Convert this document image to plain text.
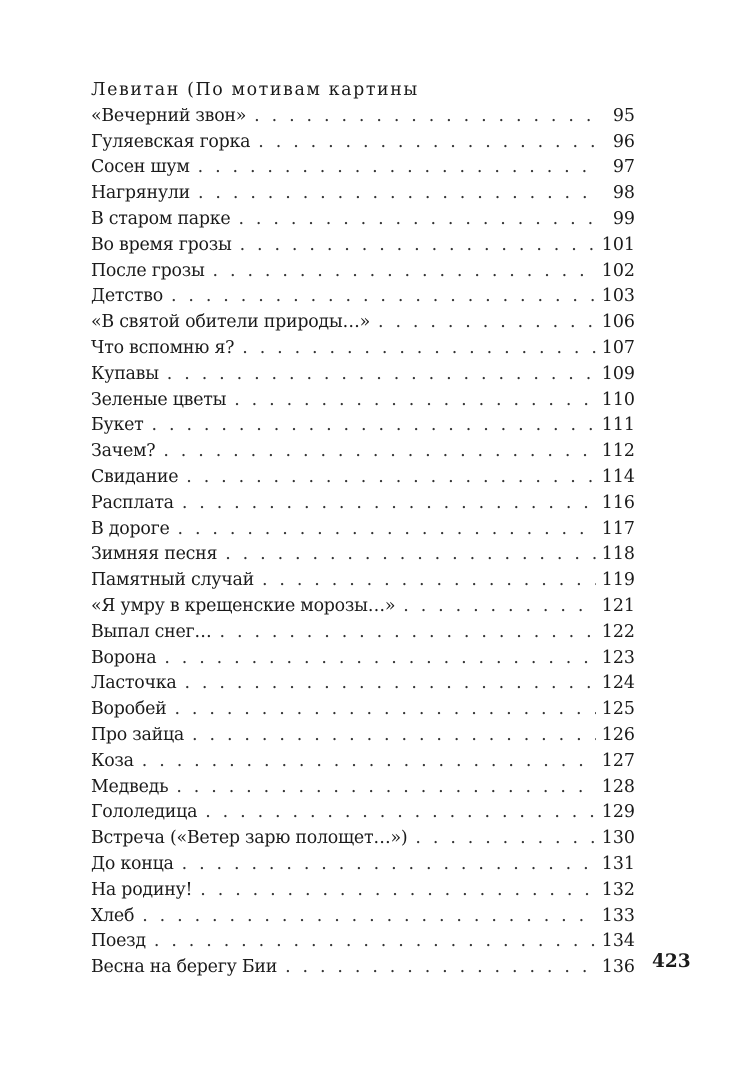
Левитан (По мотивам картины
«Вечерний звон» . . .	95
Гуляевская горка . . .	96
Сосен шум . . .	97
Нагрянули . . .	98
В старом парке . . .	99
Во время грозы . . .	101
После грозы . . .	102
Детство . . .	103
«В святой обители природы…» . . .	106
Что вспомню я? . . .	107
Купавы . . .	109
Зеленые цветы . . .	110
Букет . . .	111
Зачем? . . .	112
Свидание . . .	114
Расплата . . .	116
В дороге . . .	117
Зимняя песня . . .	118
Памятный случай . . .	119
«Я умру в крещенские морозы…» . . .	121
Выпал снег… . . .	122
Ворона . . .	123
Ласточка . . .	124
Воробей . . .	125
Про зайца . . .	126
Коза . . .	127
Медведь . . .	128
Гололедица . . .	129
Встреча («Ветер зарю полощет…») . . .	130
До конца . . .	131
На родину! . . .	132
Хлеб . . .	133
Поезд . . .	134
Весна на берегу Бии . . .	136 423
